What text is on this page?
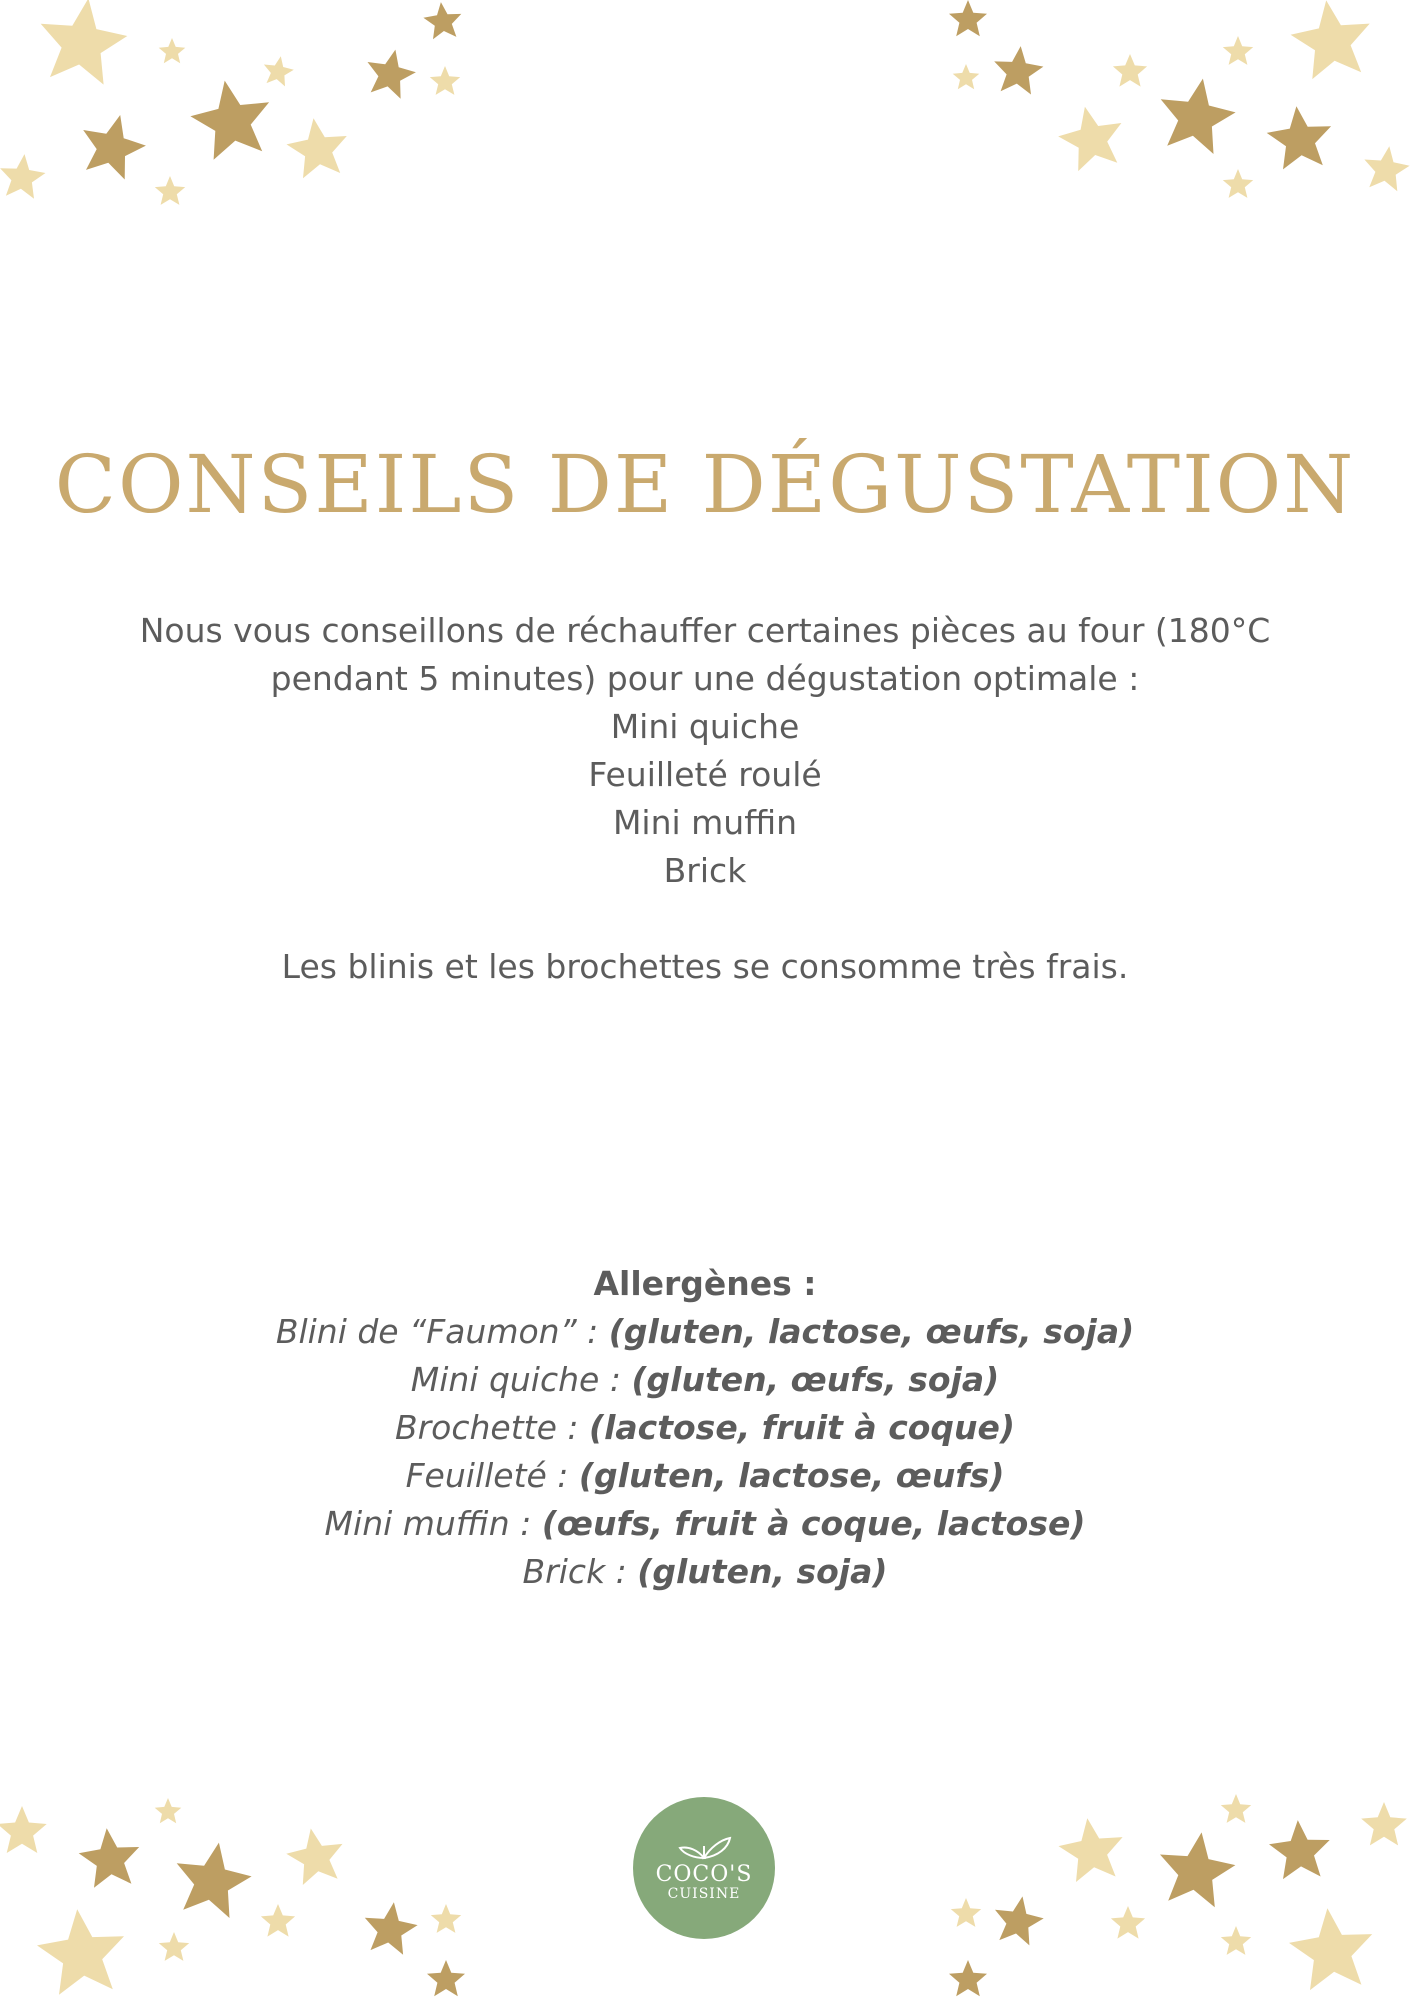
CONSEILS DE DÉGUSTATION

Nous vous conseillons de réchauffer certaines pièces au four (180°C

pendant 5 minutes) pour une dégustation optimale :

Mini quiche

Feuilleté roulé

Mini muffin

Brick

Les blinis et les brochettes se consomme très frais.

Allergènes :

Blini de “Faumon” : (gluten, lactose, œufs, soja)

Mini quiche : (gluten, œufs, soja)

Brochette : (lactose, fruit à coque)

Feuilleté : (gluten, lactose, œufs)

Mini muffin : (œufs, fruit à coque, lactose)

Brick : (gluten, soja)

COCO'S
CUISINE
